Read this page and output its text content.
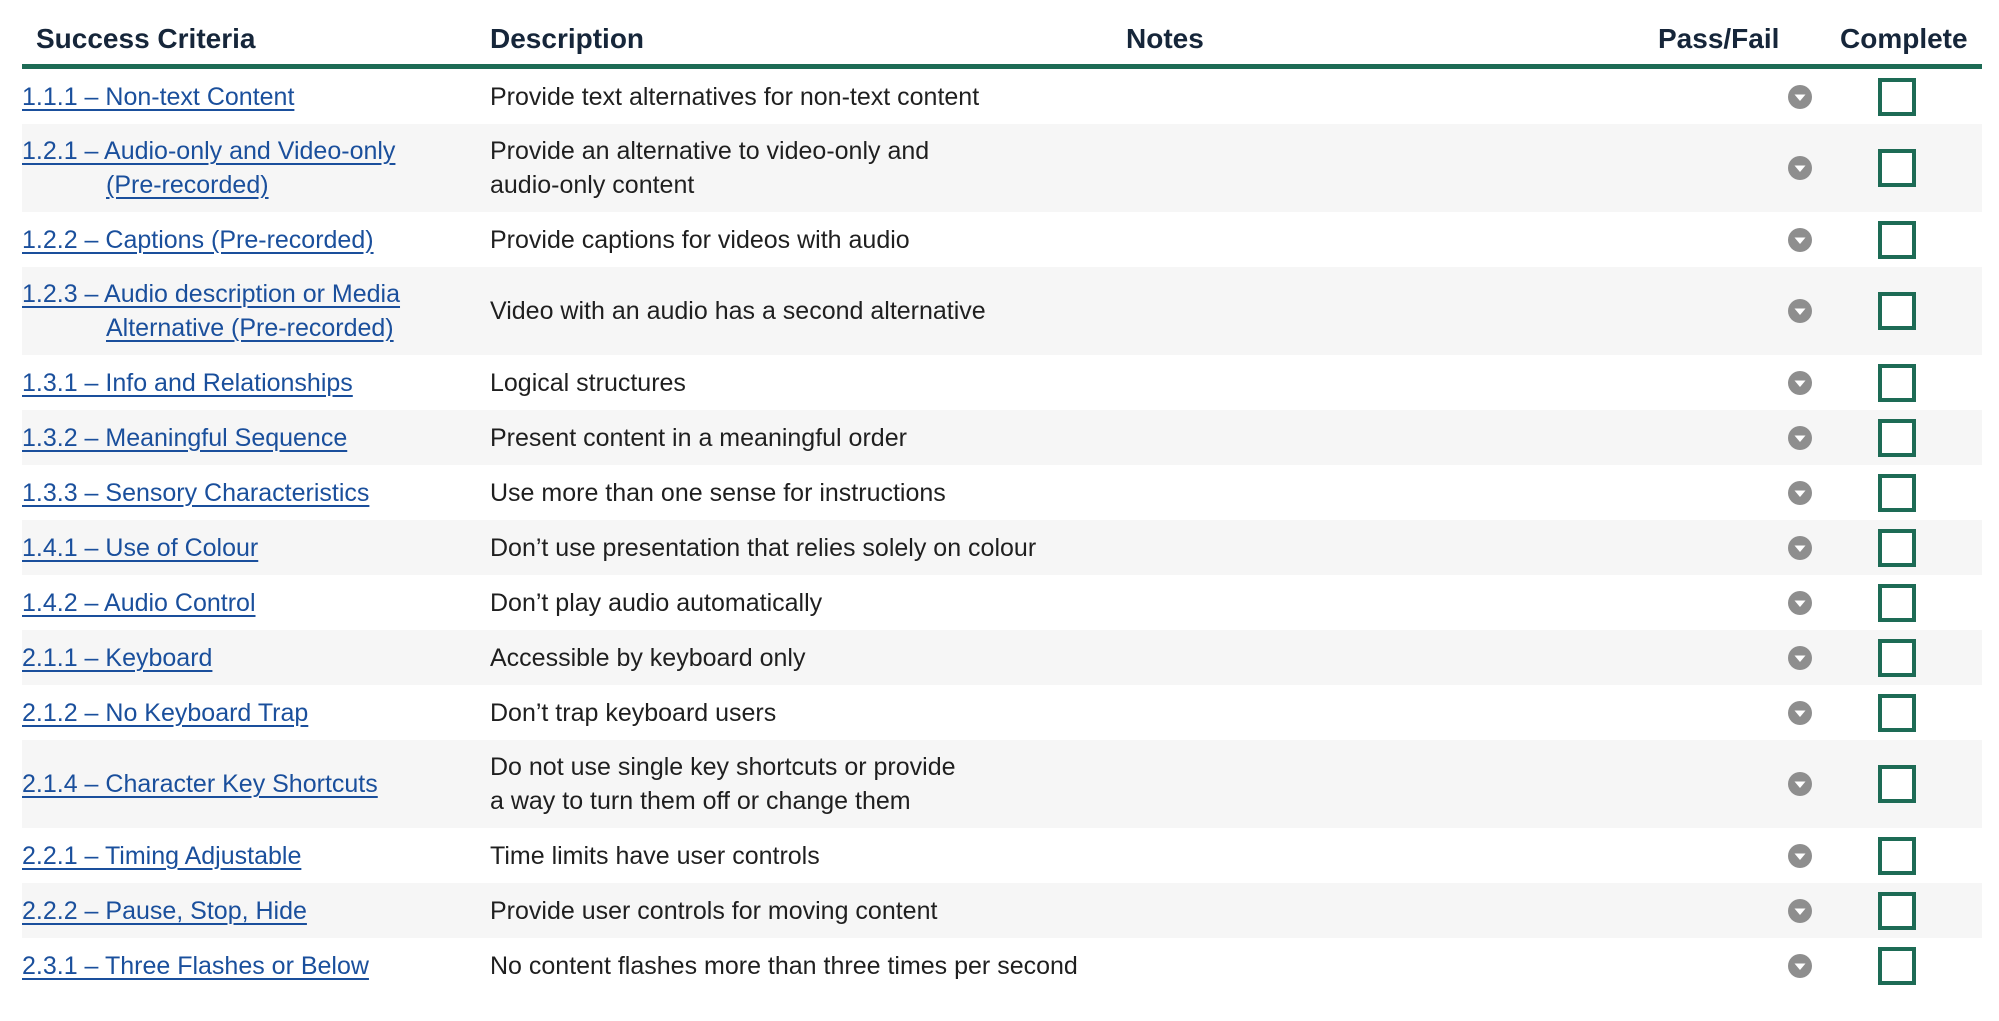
Success Criteria	Description	Notes	Pass/Fail	Complete

1.1.1 – Non-text Content	Provide text alternatives for non-text content

1.2.1 – Audio-only and Video-only
(Pre-recorded)	Provide an alternative to video-only and
audio-only content

1.2.2 – Captions (Pre-recorded)	Provide captions for videos with audio

1.2.3 – Audio description or Media
Alternative (Pre-recorded)	Video with an audio has a second alternative

1.3.1 – Info and Relationships	Logical structures

1.3.2 – Meaningful Sequence	Present content in a meaningful order

1.3.3 – Sensory Characteristics	Use more than one sense for instructions

1.4.1 – Use of Colour	Don’t use presentation that relies solely on colour

1.4.2 – Audio Control	Don’t play audio automatically

2.1.1 – Keyboard	Accessible by keyboard only

2.1.2 – No Keyboard Trap	Don’t trap keyboard users

2.1.4 – Character Key Shortcuts	Do not use single key shortcuts or provide
a way to turn them off or change them

2.2.1 – Timing Adjustable	Time limits have user controls

2.2.2 – Pause, Stop, Hide	Provide user controls for moving content

2.3.1 – Three Flashes or Below	No content flashes more than three times per second
